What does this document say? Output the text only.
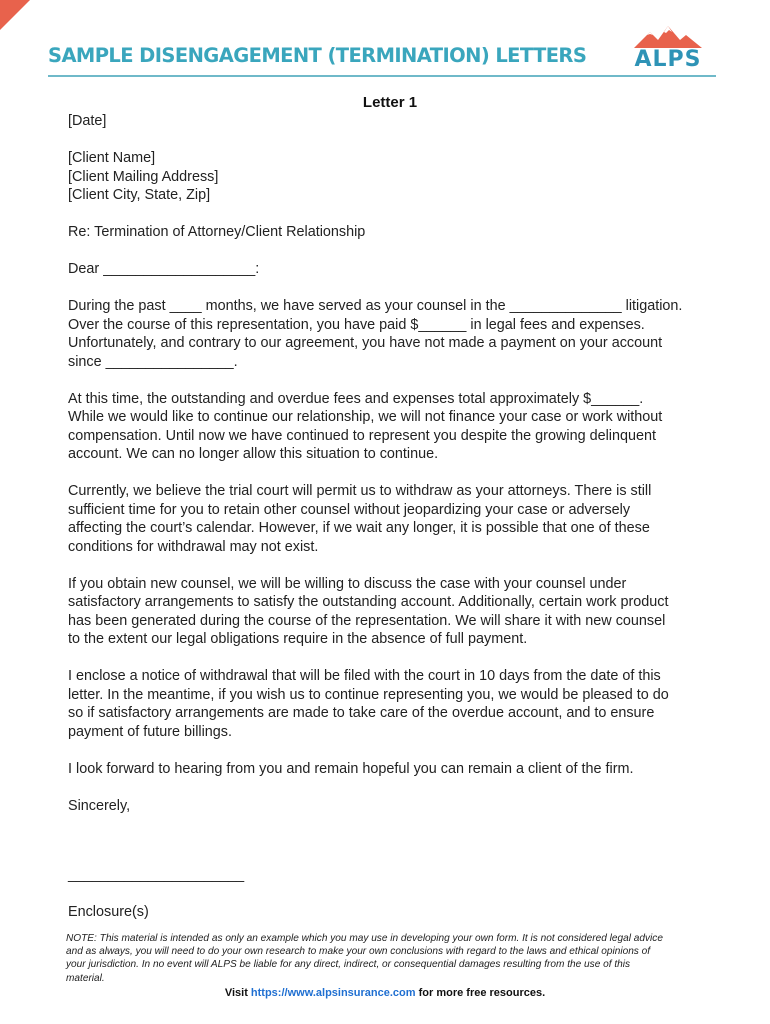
SAMPLE DISENGAGEMENT (TERMINATION) LETTERS	ALPS
Letter 1

[Date]

[Client Name]
[Client Mailing Address]
[Client City, State, Zip]

Re: Termination of Attorney/Client Relationship

Dear ___________________:

During the past ____ months, we have served as your counsel in the ______________ litigation.
Over the course of this representation, you have paid $______ in legal fees and expenses.
Unfortunately, and contrary to our agreement, you have not made a payment on your account
since ________________.

At this time, the outstanding and overdue fees and expenses total approximately $______.
While we would like to continue our relationship, we will not finance your case or work without
compensation. Until now we have continued to represent you despite the growing delinquent
account. We can no longer allow this situation to continue.

Currently, we believe the trial court will permit us to withdraw as your attorneys. There is still
sufficient time for you to retain other counsel without jeopardizing your case or adversely
affecting the court’s calendar. However, if we wait any longer, it is possible that one of these
conditions for withdrawal may not exist.

If you obtain new counsel, we will be willing to discuss the case with your counsel under
satisfactory arrangements to satisfy the outstanding account. Additionally, certain work product
has been generated during the course of the representation. We will share it with new counsel
to the extent our legal obligations require in the absence of full payment.

I enclose a notice of withdrawal that will be filed with the court in 10 days from the date of this
letter. In the meantime, if you wish us to continue representing you, we would be pleased to do
so if satisfactory arrangements are made to take care of the overdue account, and to ensure
payment of future billings.

I look forward to hearing from you and remain hopeful you can remain a client of the firm.

Sincerely,

______________________

Enclosure(s)

NOTE: This material is intended as only an example which you may use in developing your own form. It is not considered legal advice
and as always, you will need to do your own research to make your own conclusions with regard to the laws and ethical opinions of
your jurisdiction. In no event will ALPS be liable for any direct, indirect, or consequential damages resulting from the use of this
material.
Visit https://www.alpsinsurance.com for more free resources.
